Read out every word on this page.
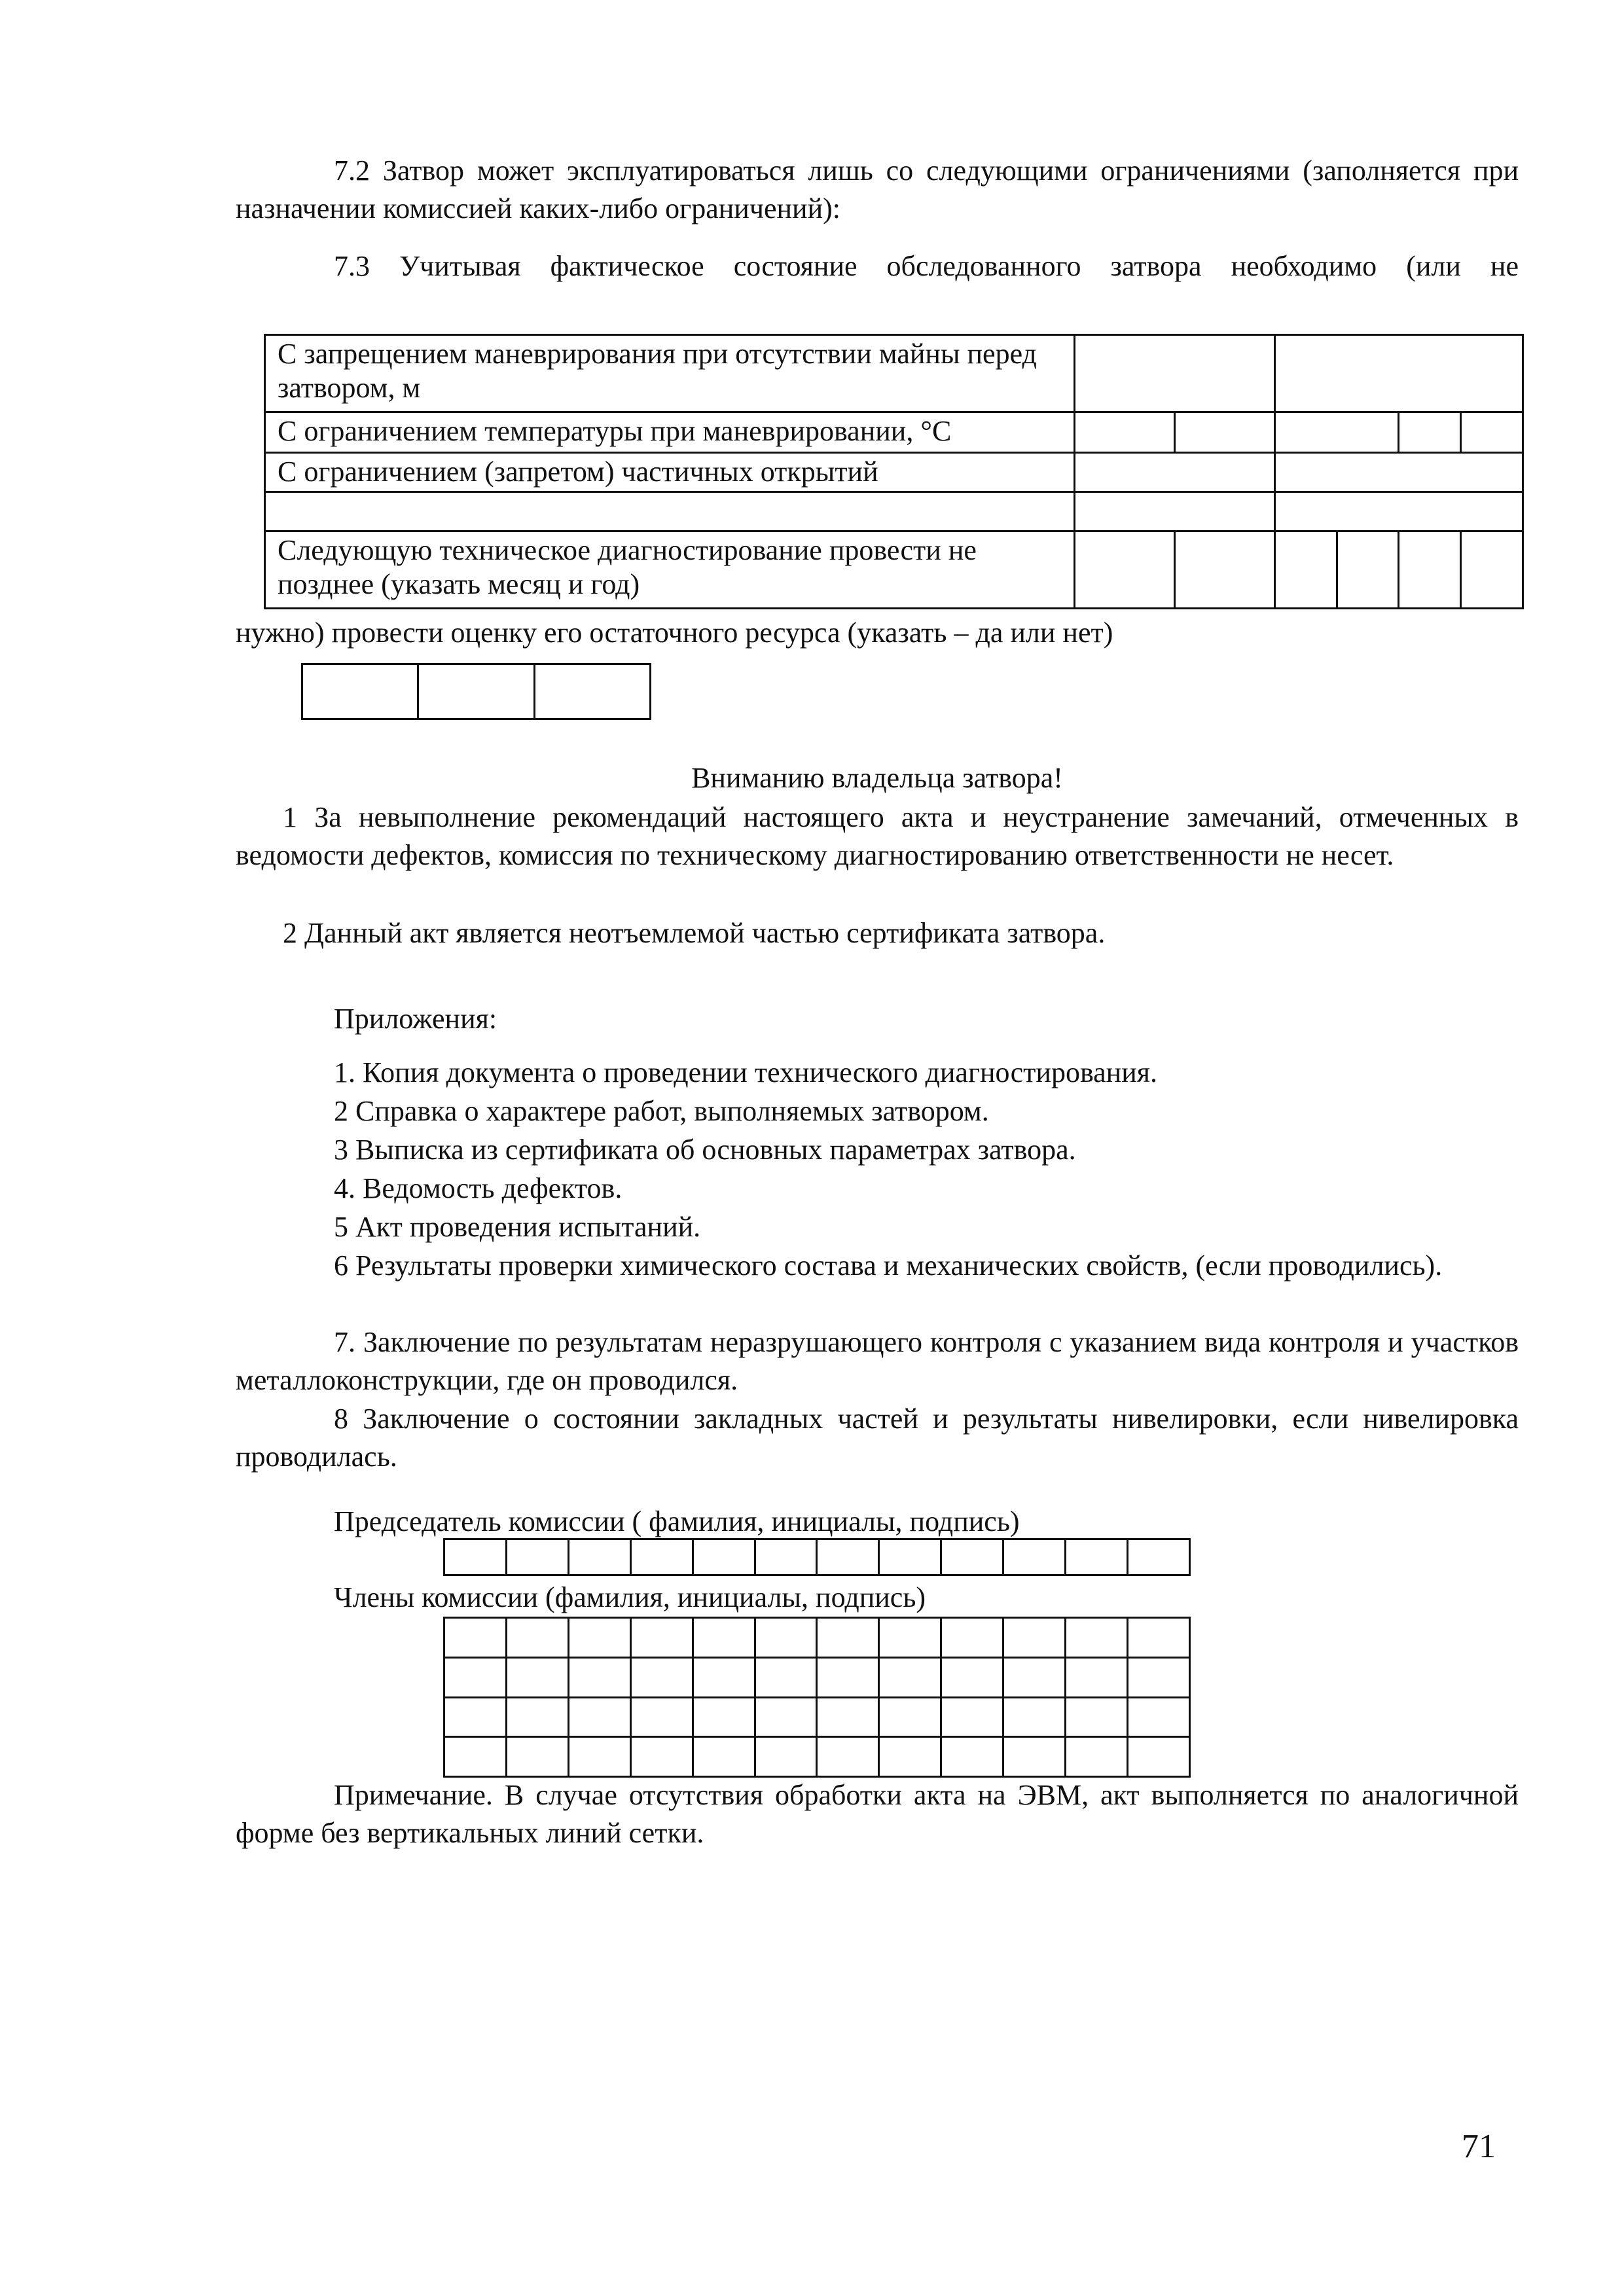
7.2 Затвор может эксплуатироваться лишь со следующими ограничениями (заполняется при назначении комиссией каких-либо ограничений):
7.3 Учитывая фактическое состояние обследованного затвора необходимо (или не
С запрещением маневрирования при отсутствии майны перед затвором, м						
С ограничением температуры при маневрировании, °С						
С ограничением (запретом) частичных открытий						

Следующую техническое диагностирование провести не позднее (указать месяц и год)						
нужно) провести оценку его остаточного ресурса (указать – да или нет)

Вниманию владельца затвора!
1 За невыполнение рекомендаций настоящего акта и неустранение замечаний, отмеченных в ведомости дефектов, комиссия по техническому диагностированию ответственности не несет.
2 Данный акт является неотъемлемой частью сертификата затвора.
Приложения:
1. Копия документа о проведении технического диагностирования.
2 Справка о характере работ, выполняемых затвором.
3 Выписка из сертификата об основных параметрах затвора.
4. Ведомость дефектов.
5 Акт проведения испытаний.
6 Результаты проверки химического состава и механических свойств, (если проводились).
7. Заключение по результатам неразрушающего контроля с указанием вида контроля и участков металлоконструкции, где он проводился.
8 Заключение о состоянии закладных частей и результаты нивелировки, если нивелировка проводилась.
Председатель комиссии ( фамилия, инициалы, подпись)

Члены комиссии (фамилия, инициалы, подпись)

Примечание. В случае отсутствия обработки акта на ЭВМ, акт выполняется по аналогичной форме без вертикальных линий сетки.
71
